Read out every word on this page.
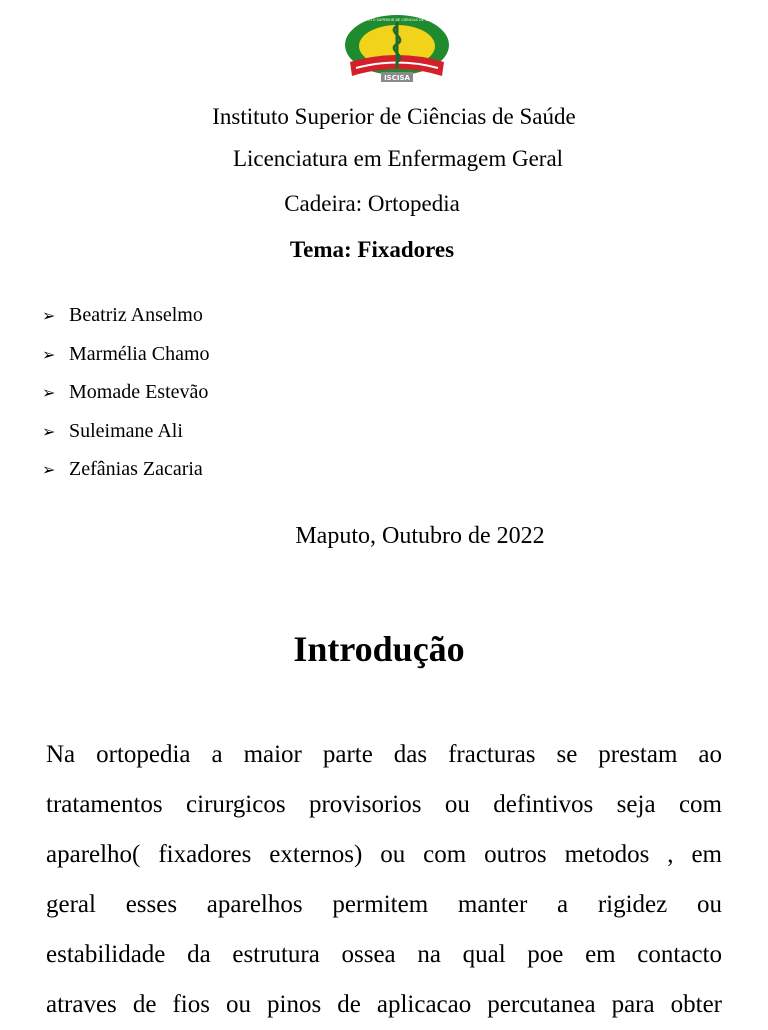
ISCISA
INSTITUTO SUPERIOR DE CIÊNCIAS DE SAÚDE
Instituto Superior de Ciências de Saúde
Licenciatura em Enfermagem Geral
Cadeira: Ortopedia
Tema: Fixadores
➢ Beatriz Anselmo
➢ Marmélia Chamo
➢ Momade Estevão
➢ Suleimane Ali
➢ Zefânias Zacaria
Maputo, Outubro de 2022
Introdução
Na ortopedia a maior parte das fracturas se prestam ao
tratamentos cirurgicos provisorios ou defintivos seja com
aparelho( fixadores externos) ou com outros metodos , em
geral esses aparelhos permitem manter a rigidez ou
estabilidade da estrutura ossea na qual poe em contacto
atraves de fios ou pinos de aplicacao percutanea para obter
